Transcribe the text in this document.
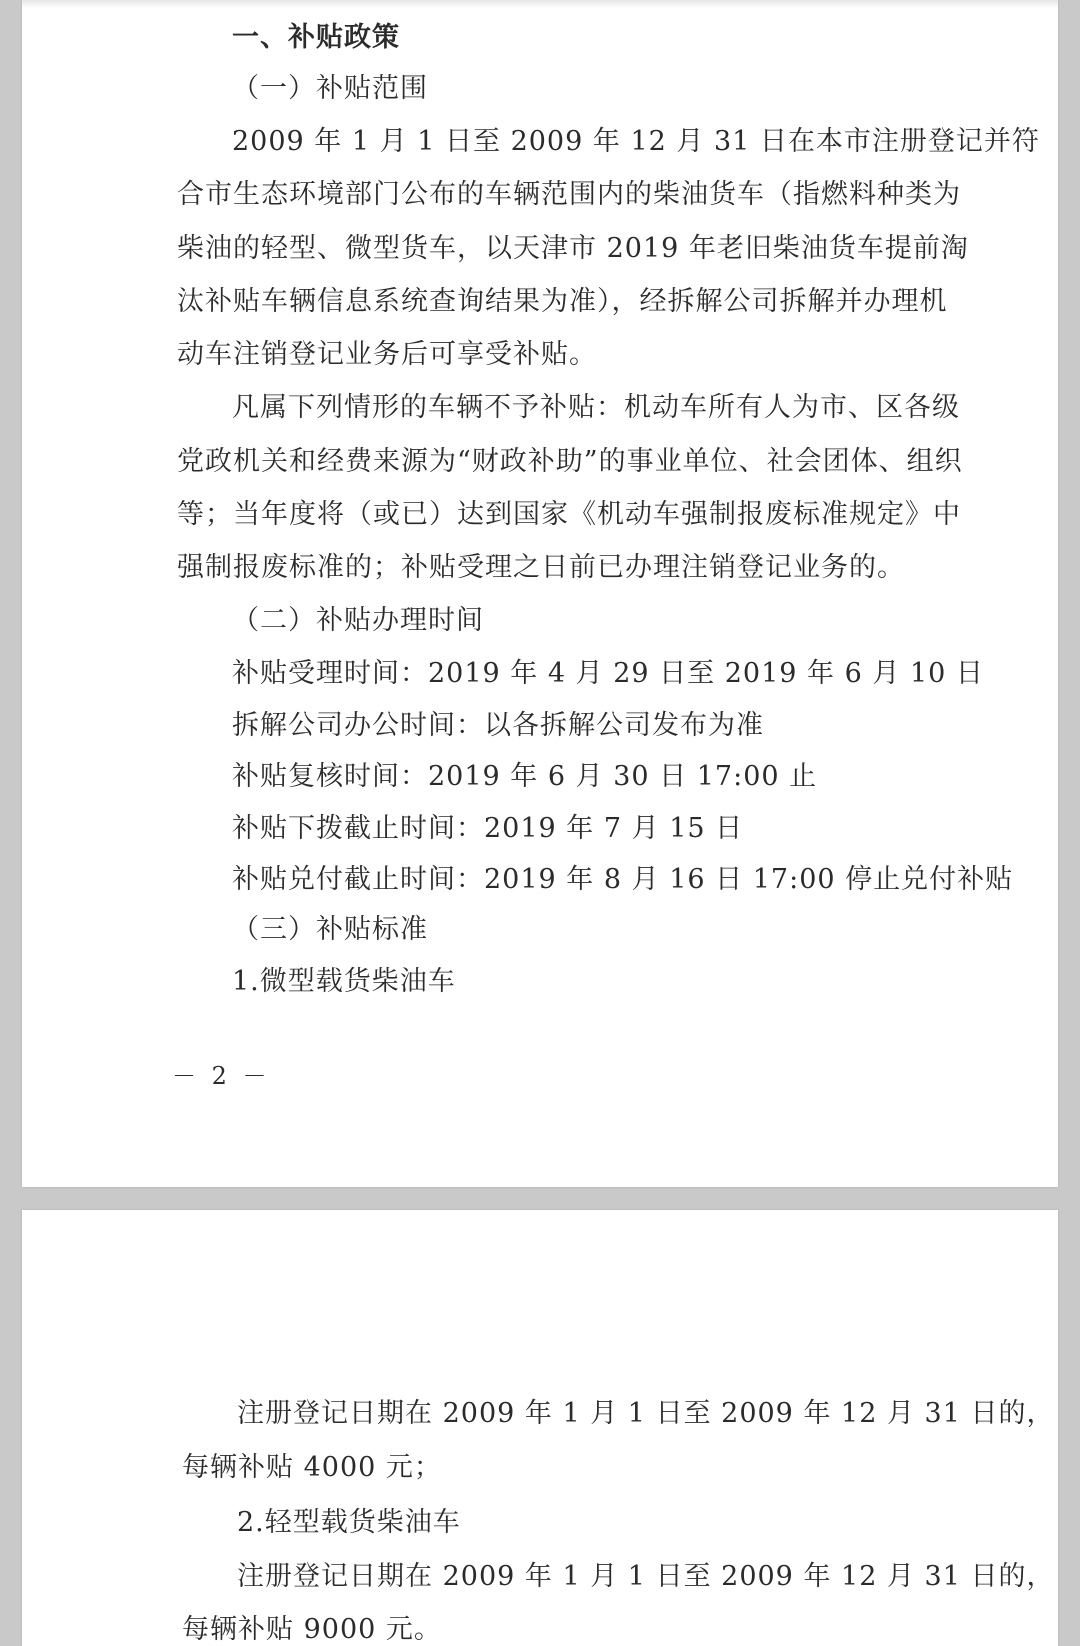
一、补贴政策
（一）补贴范围
2009 年 1 月 1 日至 2009 年 12 月 31 日在本市注册登记并符
合市生态环境部门公布的车辆范围内的柴油货车（指燃料种类为
柴油的轻型、微型货车，以天津市 2019 年老旧柴油货车提前淘
汰补贴车辆信息系统查询结果为准），经拆解公司拆解并办理机
动车注销登记业务后可享受补贴。
凡属下列情形的车辆不予补贴：机动车所有人为市、区各级
党政机关和经费来源为“财政补助”的事业单位、社会团体、组织
等；当年度将（或已）达到国家《机动车强制报废标准规定》中
强制报废标准的；补贴受理之日前已办理注销登记业务的。
（二）补贴办理时间
补贴受理时间：2019 年 4 月 29 日至 2019 年 6 月 10 日
拆解公司办公时间：以各拆解公司发布为准
补贴复核时间：2019 年 6 月 30 日 17:00 止
补贴下拨截止时间：2019 年 7 月 15 日
补贴兑付截止时间：2019 年 8 月 16 日 17:00 停止兑付补贴
（三）补贴标准
1.微型载货柴油车
－ 2 －
注册登记日期在 2009 年 1 月 1 日至 2009 年 12 月 31 日的，
每辆补贴 4000 元；
2.轻型载货柴油车
注册登记日期在 2009 年 1 月 1 日至 2009 年 12 月 31 日的，
每辆补贴 9000 元。
